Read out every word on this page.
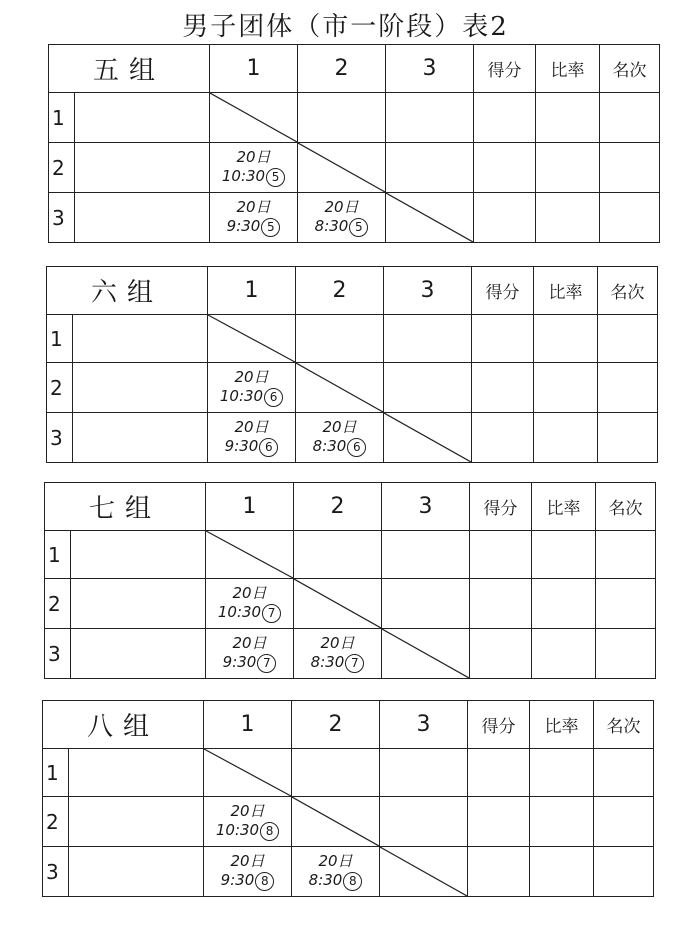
男子团体（市一阶段）表2
五组		1	2	3	得分	比率	名次
1		

2		20日
10:30 5

3		20日
9:30 5	20日
8:30 5

六组		1	2	3	得分	比率	名次
1		

2		20日
10:30 6

3		20日
9:30 6	20日
8:30 6

七组		1	2	3	得分	比率	名次
1		

2		20日
10:30 7

3		20日
9:30 7	20日
8:30 7

八组		1	2	3	得分	比率	名次
1		

2		20日
10:30 8

3		20日
9:30 8	20日
8:30 8
